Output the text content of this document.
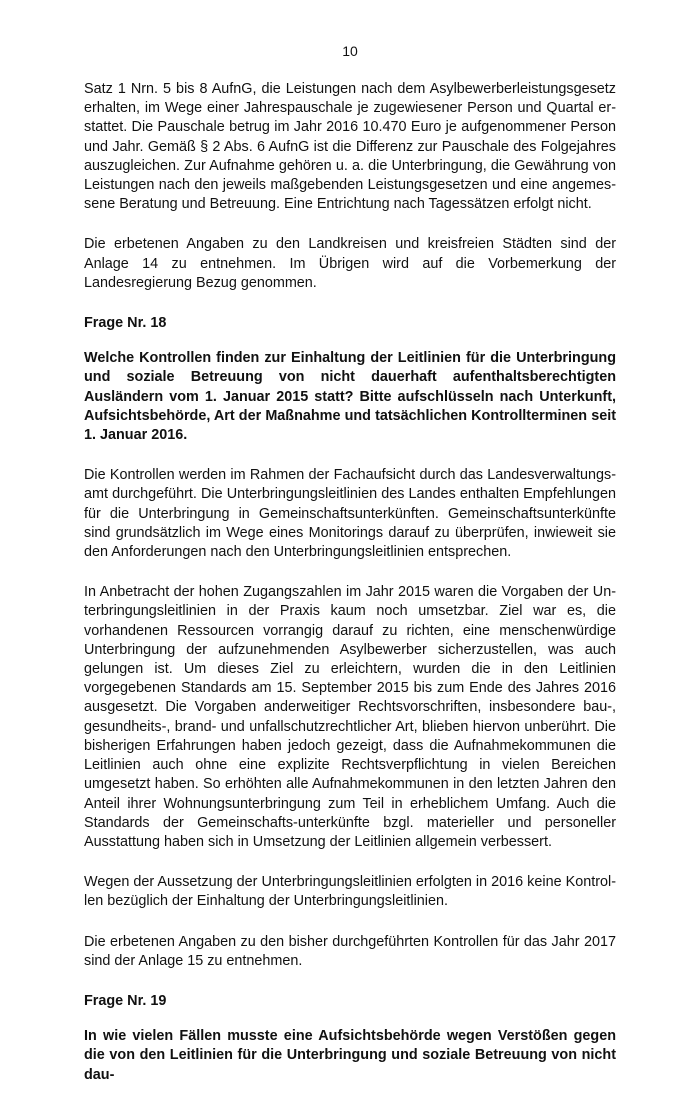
10

Satz 1 Nrn. 5 bis 8 AufnG, die Leistungen nach dem Asylbewerberleistungsgesetz erhalten, im Wege einer Jahrespauschale je zugewiesener Person und Quartal erstattet. Die Pauschale betrug im Jahr 2016 10.470 Euro je aufgenommener Person und Jahr. Gemäß § 2 Abs. 6 AufnG ist die Differenz zur Pauschale des Folgejahres auszugleichen. Zur Aufnahme gehören u. a. die Unterbringung, die Gewährung von Leistungen nach den jeweils maßgebenden Leistungsgesetzen und eine angemessene Beratung und Betreuung. Eine Entrichtung nach Tagessätzen erfolgt nicht.

Die erbetenen Angaben zu den Landkreisen und kreisfreien Städten sind der Anlage 14 zu entnehmen. Im Übrigen wird auf die Vorbemerkung der Landesregierung Bezug genommen.

Frage Nr. 18

Welche Kontrollen finden zur Einhaltung der Leitlinien für die Unterbringung und soziale Betreuung von nicht dauerhaft aufenthaltsberechtigten Ausländern vom 1. Januar 2015 statt? Bitte aufschlüsseln nach Unterkunft, Aufsichtsbehörde, Art der Maßnahme und tatsächlichen Kontrollterminen seit 1. Januar 2016.

Die Kontrollen werden im Rahmen der Fachaufsicht durch das Landesverwaltungsamt durchgeführt. Die Unterbringungsleitlinien des Landes enthalten Empfehlungen für die Unterbringung in Gemeinschaftsunterkünften. Gemeinschaftsunterkünfte sind grundsätzlich im Wege eines Monitorings darauf zu überprüfen, inwieweit sie den Anforderungen nach den Unterbringungsleitlinien entsprechen.

In Anbetracht der hohen Zugangszahlen im Jahr 2015 waren die Vorgaben der Unterbringungsleitlinien in der Praxis kaum noch umsetzbar. Ziel war es, die vorhandenen Ressourcen vorrangig darauf zu richten, eine menschenwürdige Unterbringung der aufzunehmenden Asylbewerber sicherzustellen, was auch gelungen ist. Um dieses Ziel zu erleichtern, wurden die in den Leitlinien vorgegebenen Standards am 15. September 2015 bis zum Ende des Jahres 2016 ausgesetzt. Die Vorgaben anderweitiger Rechtsvorschriften, insbesondere bau-, gesundheits-, brand- und unfallschutzrechtlicher Art, blieben hiervon unberührt. Die bisherigen Erfahrungen haben jedoch gezeigt, dass die Aufnahmekommunen die Leitlinien auch ohne eine explizite Rechtsverpflichtung in vielen Bereichen umgesetzt haben. So erhöhten alle Aufnahmekommunen in den letzten Jahren den Anteil ihrer Wohnungsunterbringung zum Teil in erheblichem Umfang. Auch die Standards der Gemeinschafts-unterkünfte bzgl. materieller und personeller Ausstattung haben sich in Umsetzung der Leitlinien allgemein verbessert.

Wegen der Aussetzung der Unterbringungsleitlinien erfolgten in 2016 keine Kontrollen bezüglich der Einhaltung der Unterbringungsleitlinien.

Die erbetenen Angaben zu den bisher durchgeführten Kontrollen für das Jahr 2017 sind der Anlage 15 zu entnehmen.

Frage Nr. 19

In wie vielen Fällen musste eine Aufsichtsbehörde wegen Verstößen gegen die von den Leitlinien für die Unterbringung und soziale Betreuung von nicht dau-
